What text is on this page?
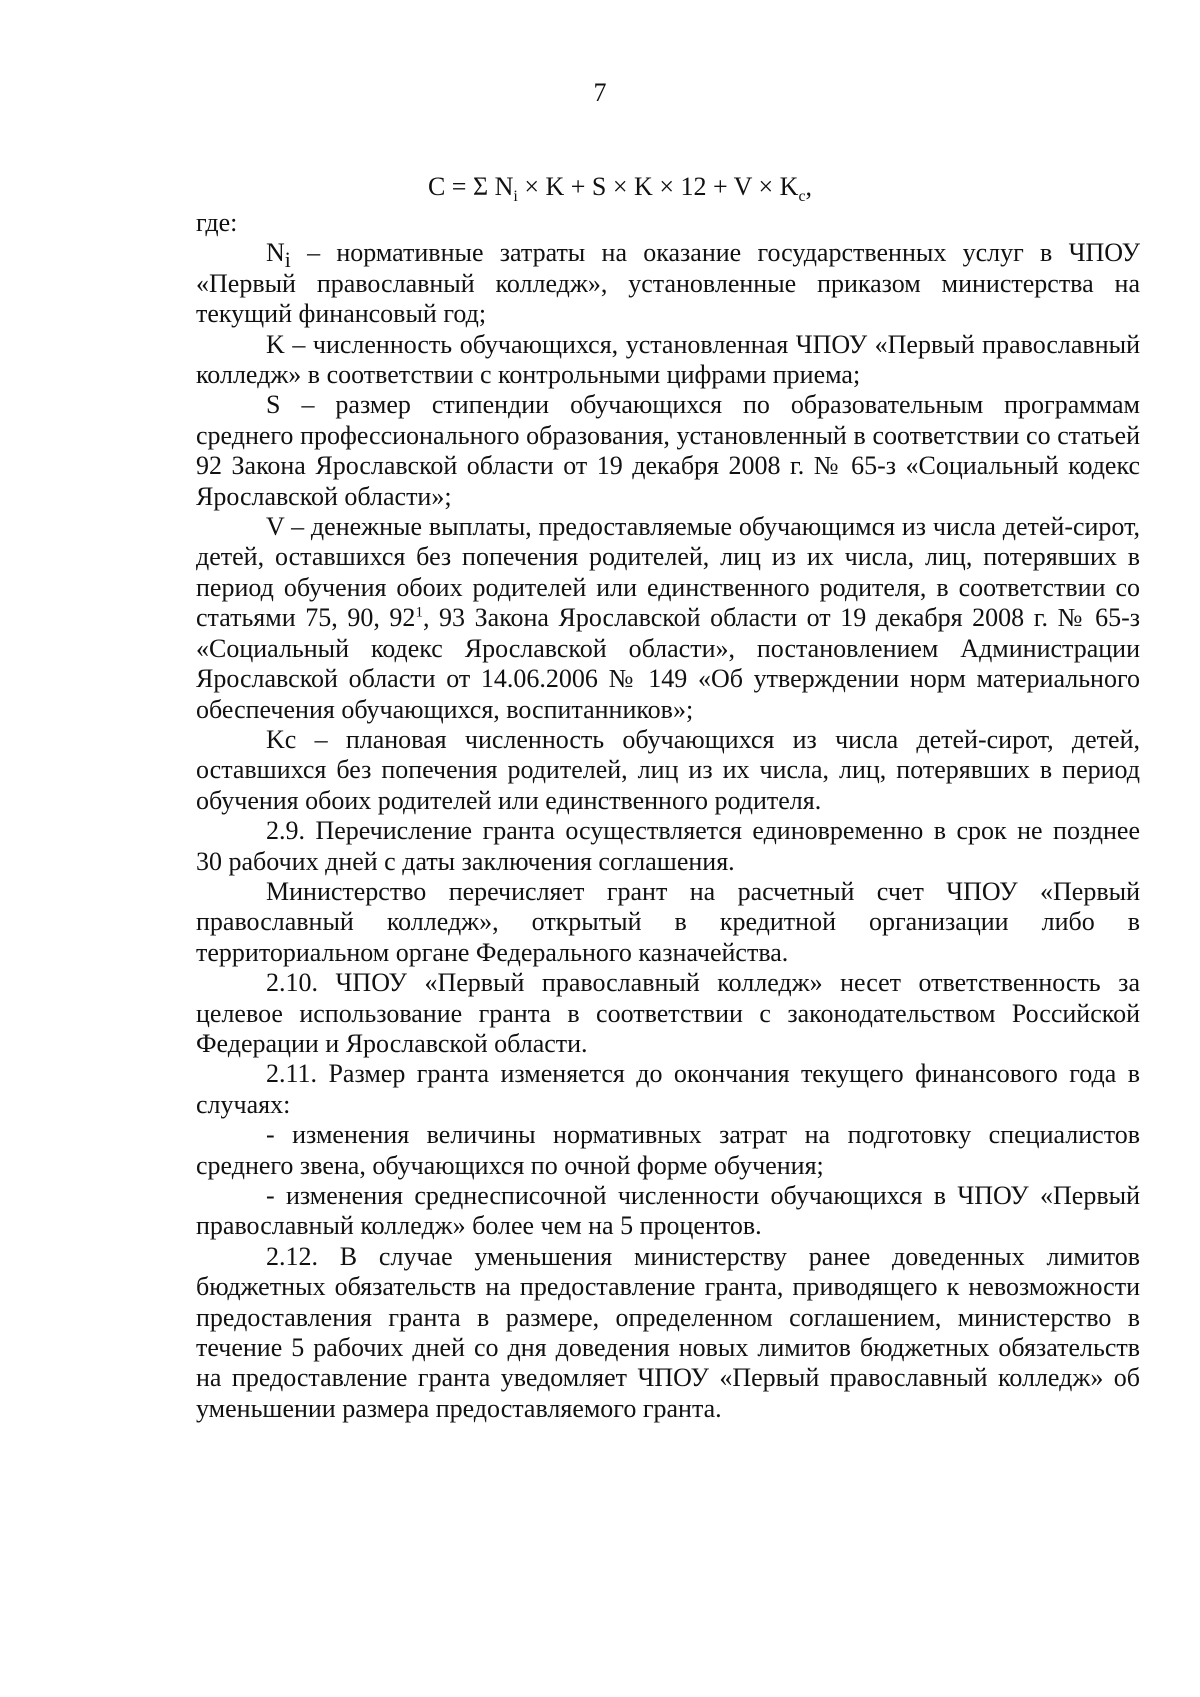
7
C = Σ $N_i \times K + S \times K \times 12 + V \times K_c$,

где:

$N_i$ – нормативные затраты на оказание государственных услуг в ЧПОУ «Первый православный колледж», установленные приказом министерства на текущий финансовый год;

K – численность обучающихся, установленная ЧПОУ «Первый православный колледж» в соответствии с контрольными цифрами приема;

S – размер стипендии обучающихся по образовательным программам среднего профессионального образования, установленный в соответствии со статьей 92 Закона Ярославской области от 19 декабря 2008 г. № 65-з «Социальный кодекс Ярославской области»;

V – денежные выплаты, предоставляемые обучающимся из числа детей-сирот, детей, оставшихся без попечения родителей, лиц из их числа, лиц, потерявших в период обучения обоих родителей или единственного родителя, в соответствии со статьями 75, 90, $92^1$, 93 Закона Ярославской области от 19 декабря 2008 г. № 65-з «Социальный кодекс Ярославской области», постановлением Администрации Ярославской области от 14.06.2006 № 149 «Об утверждении норм материального обеспечения обучающихся, воспитанников»;

Kс – плановая численность обучающихся из числа детей-сирот, детей, оставшихся без попечения родителей, лиц из их числа, лиц, потерявших в период обучения обоих родителей или единственного родителя.

2.9. Перечисление гранта осуществляется единовременно в срок не позднее 30 рабочих дней с даты заключения соглашения.

Министерство перечисляет грант на расчетный счет ЧПОУ «Первый православный колледж», открытый в кредитной организации либо в территориальном органе Федерального казначейства.

2.10. ЧПОУ «Первый православный колледж» несет ответственность за целевое использование гранта в соответствии с законодательством Российской Федерации и Ярославской области.

2.11. Размер гранта изменяется до окончания текущего финансового года в случаях:

- изменения величины нормативных затрат на подготовку специалистов среднего звена, обучающихся по очной форме обучения;

- изменения среднесписочной численности обучающихся в ЧПОУ «Первый православный колледж» более чем на 5 процентов.

2.12. В случае уменьшения министерству ранее доведенных лимитов бюджетных обязательств на предоставление гранта, приводящего к невозможности предоставления гранта в размере, определенном соглашением, министерство в течение 5 рабочих дней со дня доведения новых лимитов бюджетных обязательств на предоставление гранта уведомляет ЧПОУ «Первый православный колледж» об уменьшении размера предоставляемого гранта.
